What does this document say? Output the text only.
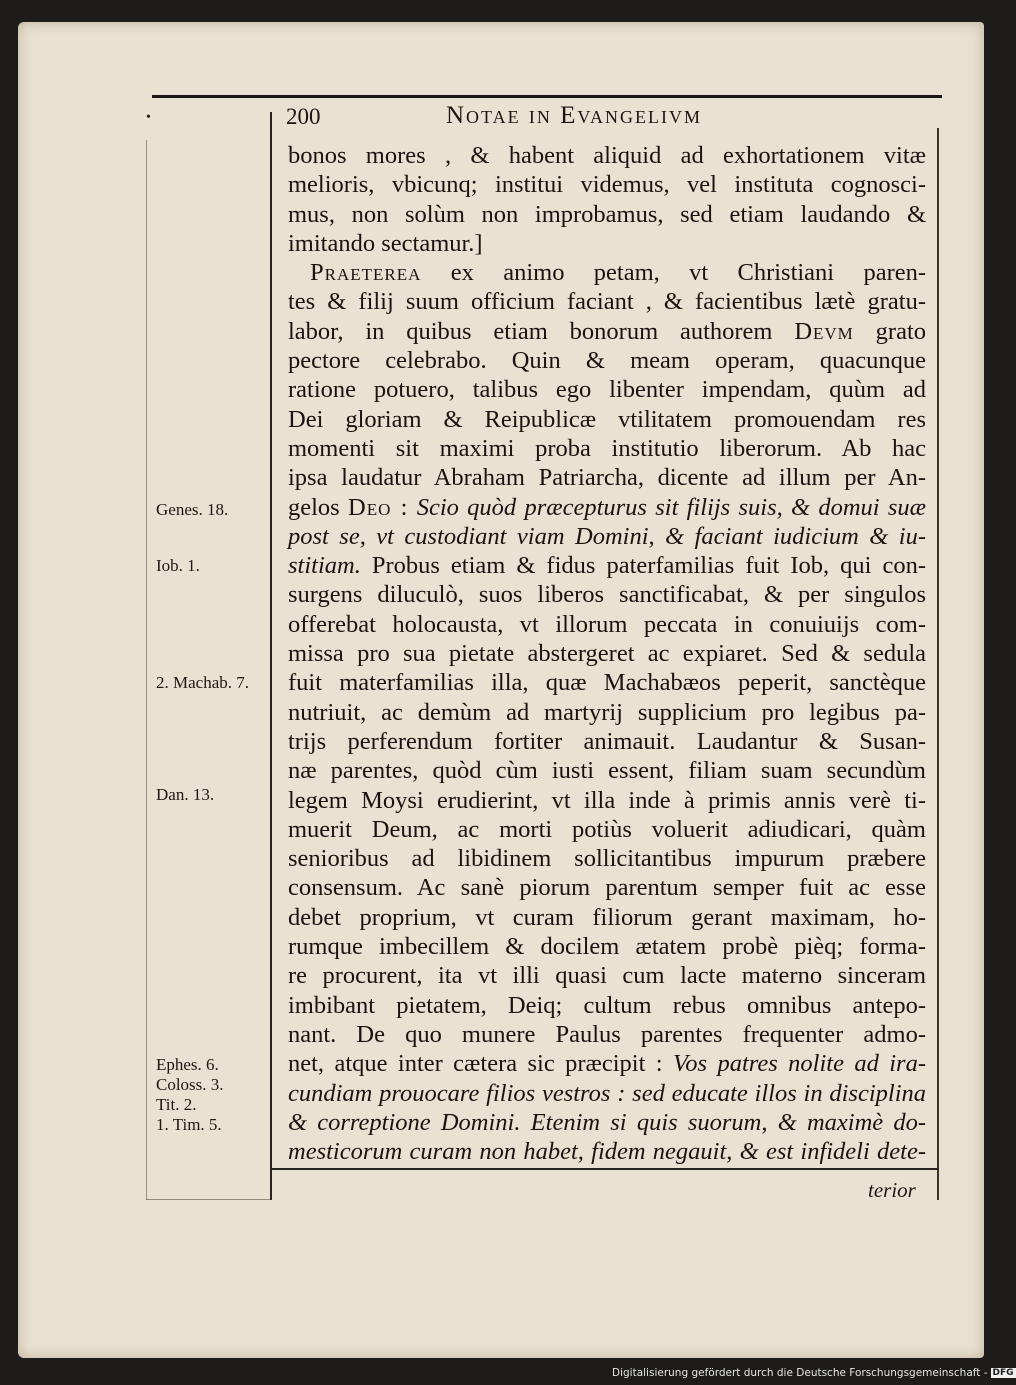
•	200	Notae in Evangelivm
bonos mores , & habent aliquid ad exhortationem vitæ
melioris, vbicunq; institui videmus, vel instituta cognosci-
mus, non solùm non improbamus, sed etiam laudando &
imitando sectamur.]
Praeterea ex animo petam, vt Christiani paren-
tes & filij suum officium faciant , & facientibus lætè gratu-
labor, in quibus etiam bonorum authorem Devm grato
pectore celebrabo. Quin & meam operam, quacunque
ratione potuero, talibus ego libenter impendam, quùm ad
Dei gloriam & Reipublicæ vtilitatem promouendam res
momenti sit maximi proba institutio liberorum. Ab hac
ipsa laudatur Abraham Patriarcha, dicente ad illum per An-
gelos Deo : Scio quòd præcepturus sit filijs suis, & domui suæ
post se, vt custodiant viam Domini, & faciant iudicium & iu-
stitiam. Probus etiam & fidus paterfamilias fuit Iob, qui con-
surgens diluculò, suos liberos sanctificabat, & per singulos
offerebat holocausta, vt illorum peccata in conuiuijs com-
missa pro sua pietate abstergeret ac expiaret. Sed & sedula
fuit materfamilias illa, quæ Machabæos peperit, sanctèque
nutriuit, ac demùm ad martyrij supplicium pro legibus pa-
trijs perferendum fortiter animauit. Laudantur & Susan-
næ parentes, quòd cùm iusti essent, filiam suam secundùm
legem Moysi erudierint, vt illa inde à primis annis verè ti-
muerit Deum, ac morti potiùs voluerit adiudicari, quàm
senioribus ad libidinem sollicitantibus impurum præbere
consensum. Ac sanè piorum parentum semper fuit ac esse
debet proprium, vt curam filiorum gerant maximam, ho-
rumque imbecillem & docilem ætatem probè pièq; forma-
re procurent, ita vt illi quasi cum lacte materno sinceram
imbibant pietatem, Deiq; cultum rebus omnibus antepo-
nant. De quo munere Paulus parentes frequenter admo-
net, atque inter cætera sic præcipit : Vos patres nolite ad ira-
cundiam prouocare filios vestros : sed educate illos in disciplina
& correptione Domini. Etenim si quis suorum, & maximè do-
mesticorum curam non habet, fidem negauit, & est infideli dete-
Genes. 18.
Iob. 1.
2. Machab. 7.
Dan. 13.
Ephes. 6.
Coloss. 3.
Tit. 2.
1. Tim. 5.
terior
Digitalisierung gefördert durch die Deutsche Forschungsgemeinschaft - DFG
